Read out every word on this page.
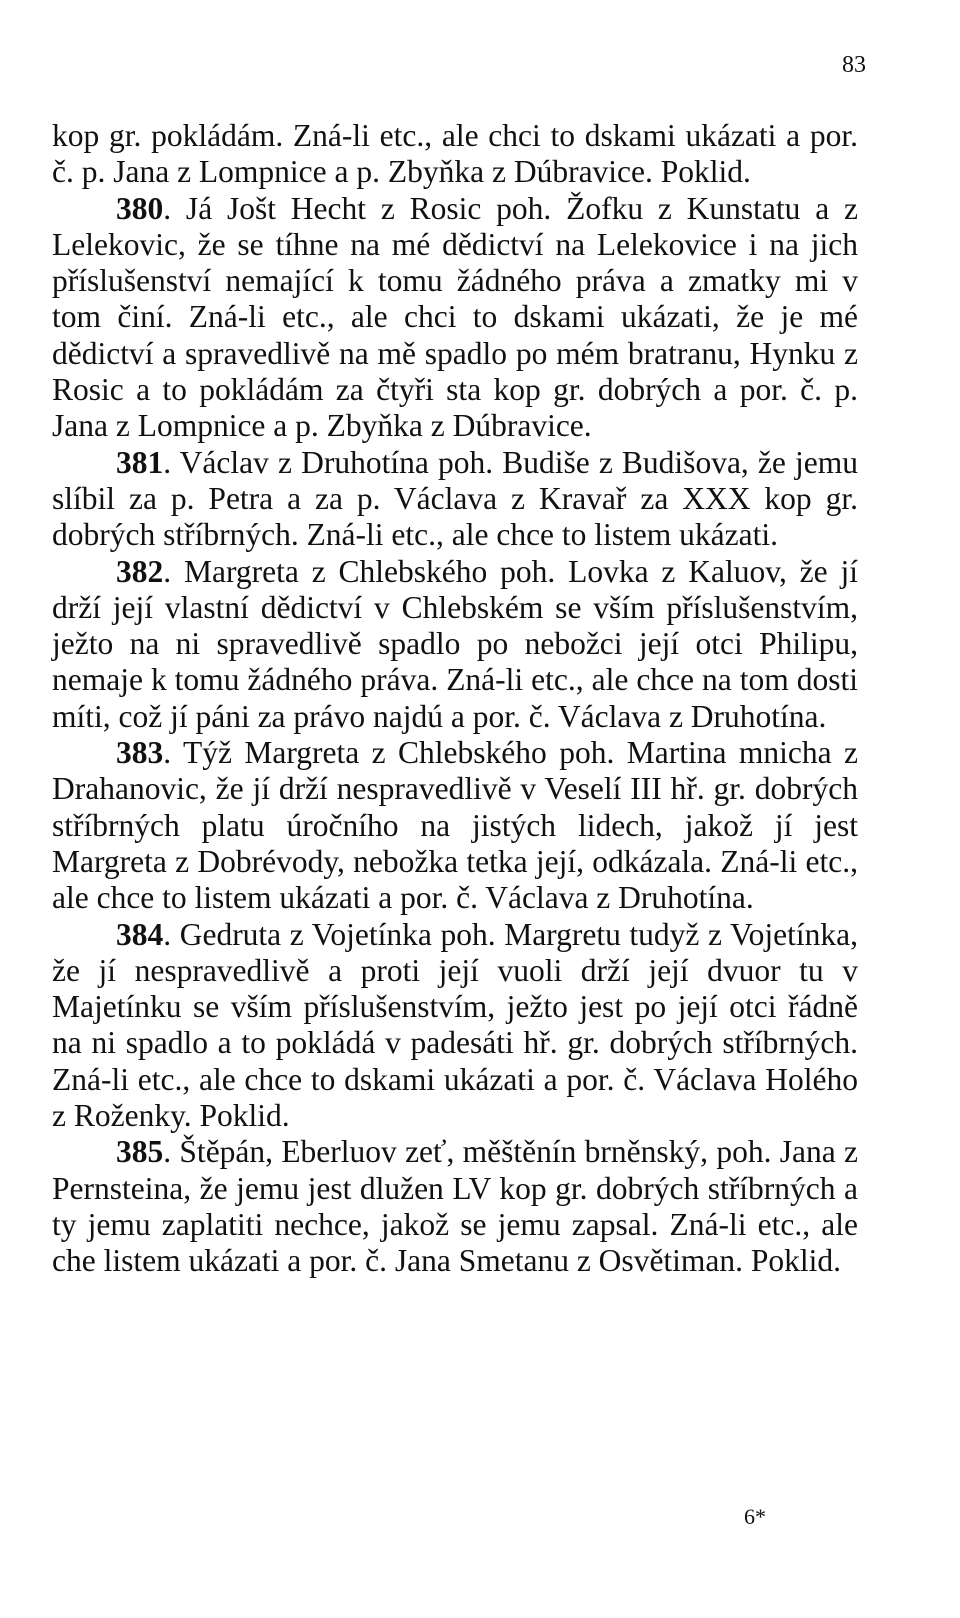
83

kop gr. pokládám. Zná-li etc., ale chci to dskami ukázati a por. č. p. Jana z Lompnice a p. Zbyňka z Dúbravice. Poklid.

380. Já Jošt Hecht z Rosic poh. Žofku z Kunstatu a z Lelekovic, že se tíhne na mé dědictví na Lelekovice i na jich příslušenství nemající k tomu žádného práva a zmatky mi v tom činí. Zná-li etc., ale chci to dskami ukázati, že je mé dědictví a spravedlivě na mě spadlo po mém bratranu, Hynku z Rosic a to pokládám za čtyři sta kop gr. dobrých a por. č. p. Jana z Lompnice a p. Zbyňka z Dúbravice.

381. Václav z Druhotína poh. Budiše z Budišova, že jemu slíbil za p. Petra a za p. Václava z Kravař za XXX kop gr. dobrých stříbrných. Zná-li etc., ale chce to listem ukázati.

382. Margreta z Chlebského poh. Lovka z Kaluov, že jí drží její vlastní dědictví v Chlebském se vším příslušenstvím, ježto na ni spravedlivě spadlo po nebožci její otci Philipu, nemaje k tomu žádného práva. Zná-li etc., ale chce na tom dosti míti, což jí páni za právo najdú a por. č. Václava z Druhotína.

383. Týž Margreta z Chlebského poh. Martina mnicha z Drahanovic, že jí drží nespravedlivě v Veselí III hř. gr. dobrých stříbrných platu úročního na jistých lidech, jakož jí jest Margreta z Dobrévody, nebožka tetka její, odkázala. Zná-li etc., ale chce to listem ukázati a por. č. Václava z Druhotína.

384. Gedruta z Vojetínka poh. Margretu tudyž z Vojetínka, že jí nespravedlivě a proti její vuoli drží její dvuor tu v Majetínku se vším příslušenstvím, ježto jest po její otci řádně na ni spadlo a to pokládá v padesáti hř. gr. dobrých stříbrných. Zná-li etc., ale chce to dskami ukázati a por. č. Václava Holého z Roženky. Poklid.

385. Štěpán, Eberluov zeť, měštěnín brněnský, poh. Jana z Pernsteina, že jemu jest dlužen LV kop gr. dobrých stříbrných a ty jemu zaplatiti nechce, jakož se jemu zapsal. Zná-li etc., ale che listem ukázati a por. č. Jana Smetanu z Osvětiman. Poklid.

6*
